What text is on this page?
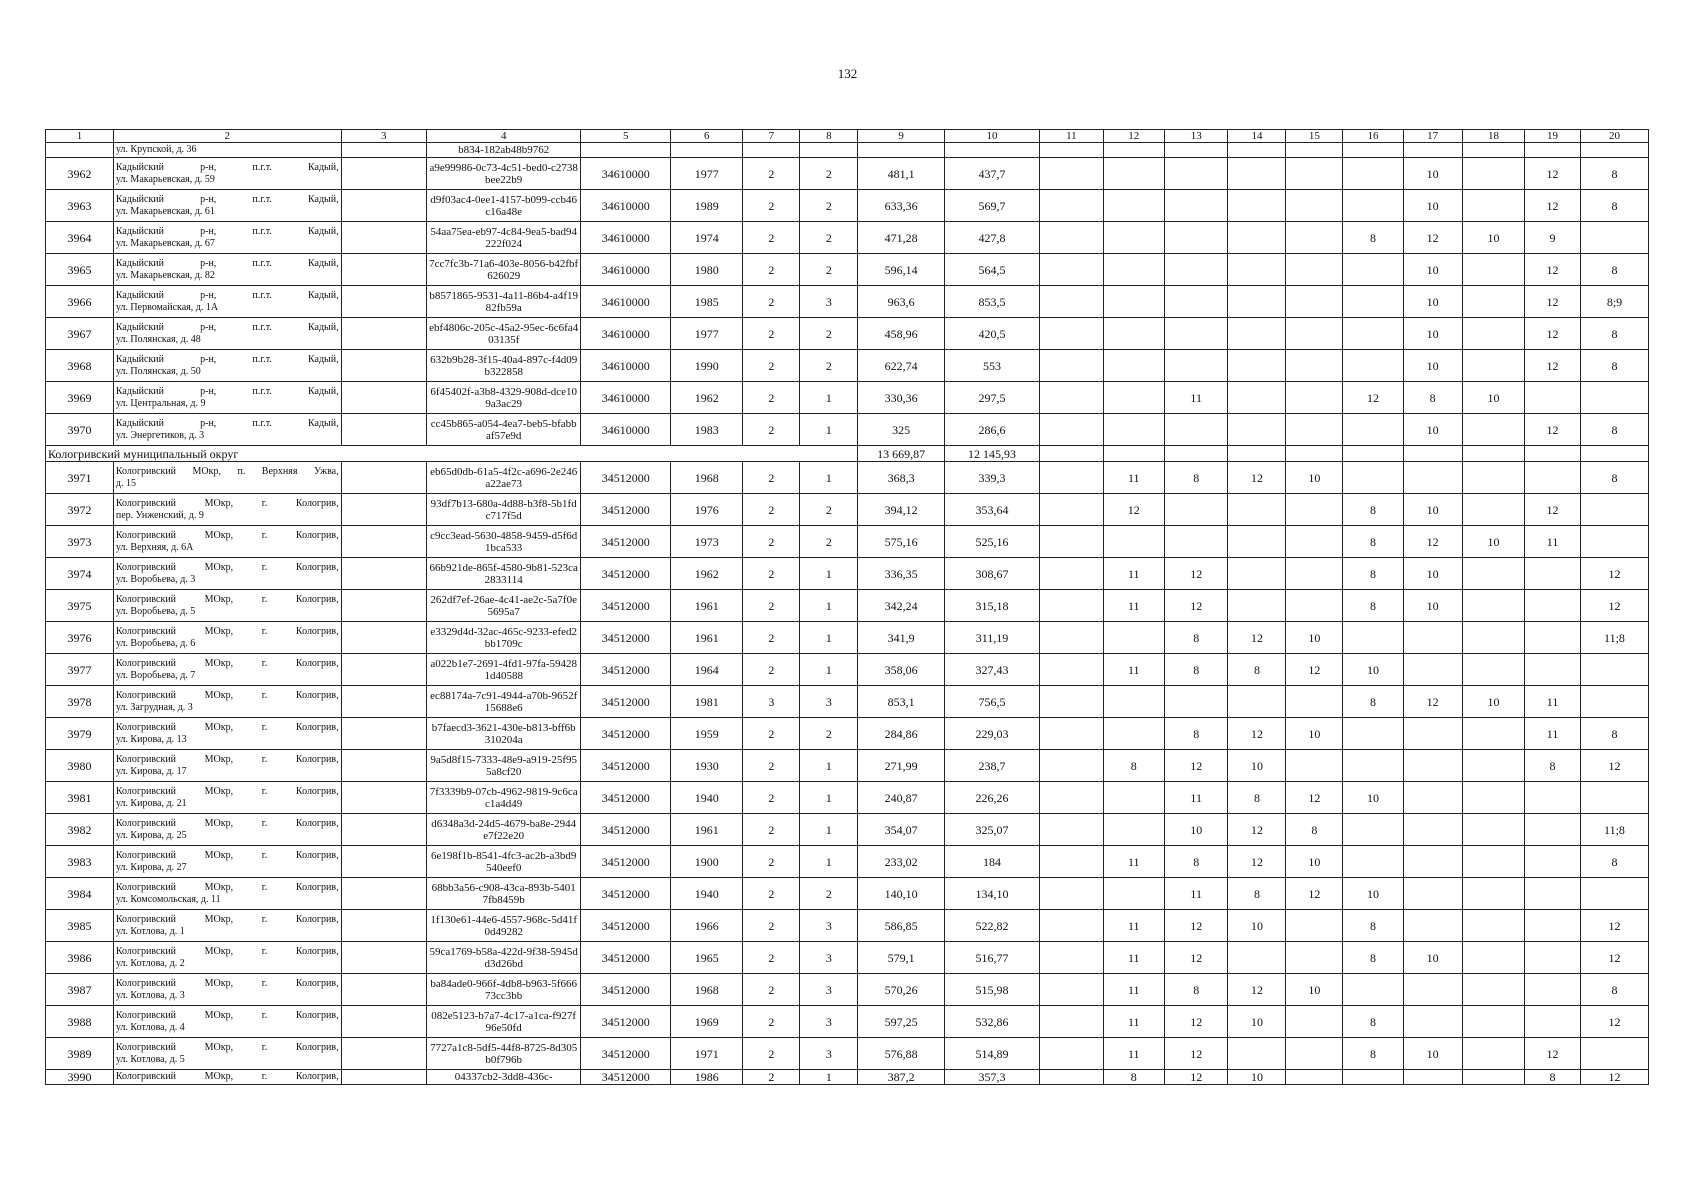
132
1	2	3	4	5	6	7	8	9	10	11	12	13	14	15	16	17	18	19	20
	ул. Крупской, д. 36		b834-182ab48b9762																
3962	Кадыйский р-н, п.г.т. Кадый,
ул. Макарьевская, д. 59		a9e99986-0c73-4c51-bed0-c2738bee22b9	34610000	1977	2	2	481,1	437,7							10		12	8
3963	Кадыйский р-н, п.г.т. Кадый,
ул. Макарьевская, д. 61		d9f03ac4-0ee1-4157-b099-ccb46c16a48e	34610000	1989	2	2	633,36	569,7							10		12	8
3964	Кадыйский р-н, п.г.т. Кадый,
ул. Макарьевская, д. 67		54aa75ea-eb97-4c84-9ea5-bad94222f024	34610000	1974	2	2	471,28	427,8						8	12	10	9	
3965	Кадыйский р-н, п.г.т. Кадый,
ул. Макарьевская, д. 82		7cc7fc3b-71a6-403e-8056-b42fbf626029	34610000	1980	2	2	596,14	564,5							10		12	8
3966	Кадыйский р-н, п.г.т. Кадый,
ул. Первомайская, д. 1А		b8571865-9531-4a11-86b4-a4f1982fb59a	34610000	1985	2	3	963,6	853,5							10		12	8;9
3967	Кадыйский р-н, п.г.т. Кадый,
ул. Полянская, д. 48		ebf4806c-205c-45a2-95ec-6c6fa403135f	34610000	1977	2	2	458,96	420,5							10		12	8
3968	Кадыйский р-н, п.г.т. Кадый,
ул. Полянская, д. 50		632b9b28-3f15-40a4-897c-f4d09b322858	34610000	1990	2	2	622,74	553							10		12	8
3969	Кадыйский р-н, п.г.т. Кадый,
ул. Центральная, д. 9		6f45402f-a3b8-4329-908d-dce109a3ac29	34610000	1962	2	1	330,36	297,5			11			12	8	10		
3970	Кадыйский р-н, п.г.т. Кадый,
ул. Энергетиков, д. 3		cc45b865-a054-4ea7-beb5-bfabbaf57e9d	34610000	1983	2	1	325	286,6							10		12	8
Кологривский муниципальный округ								13 669,87	12 145,93										
3971	Кологривский МОкр, п. Верхняя Ужва,
д. 15		eb65d0db-61a5-4f2c-a696-2e246a22ae73	34512000	1968	2	1	368,3	339,3		11	8	12	10					8
3972	Кологривский МОкр, г. Кологрив,
пер. Унженский, д. 9		93df7b13-680a-4d88-b3f8-5b1fdc717f5d	34512000	1976	2	2	394,12	353,64		12				8	10		12	
3973	Кологривский МОкр, г. Кологрив,
ул. Верхняя, д. 6А		c9cc3ead-5630-4858-9459-d5f6d1bca533	34512000	1973	2	2	575,16	525,16						8	12	10	11	
3974	Кологривский МОкр, г. Кологрив,
ул. Воробьева, д. 3		66b921de-865f-4580-9b81-523ca2833114	34512000	1962	2	1	336,35	308,67		11	12			8	10			12
3975	Кологривский МОкр, г. Кологрив,
ул. Воробьева, д. 5		262df7ef-26ae-4c41-ae2c-5a7f0e5695a7	34512000	1961	2	1	342,24	315,18		11	12			8	10			12
3976	Кологривский МОкр, г. Кологрив,
ул. Воробьева, д. 6		e3329d4d-32ac-465c-9233-efed2bb1709c	34512000	1961	2	1	341,9	311,19			8	12	10					11;8
3977	Кологривский МОкр, г. Кологрив,
ул. Воробьева, д. 7		a022b1e7-2691-4fd1-97fa-594281d40588	34512000	1964	2	1	358,06	327,43		11	8	8	12	10				
3978	Кологривский МОкр, г. Кологрив,
ул. Загрудная, д. 3		ec88174a-7c91-4944-a70b-9652f15688e6	34512000	1981	3	3	853,1	756,5						8	12	10	11	
3979	Кологривский МОкр, г. Кологрив,
ул. Кирова, д. 13		b7faecd3-3621-430e-b813-bff6b310204a	34512000	1959	2	2	284,86	229,03			8	12	10				11	8
3980	Кологривский МОкр, г. Кологрив,
ул. Кирова, д. 17		9a5d8f15-7333-48e9-a919-25f955a8cf20	34512000	1930	2	1	271,99	238,7		8	12	10					8	12
3981	Кологривский МОкр, г. Кологрив,
ул. Кирова, д. 21		7f3339b9-07cb-4962-9819-9c6cac1a4d49	34512000	1940	2	1	240,87	226,26			11	8	12	10				
3982	Кологривский МОкр, г. Кологрив,
ул. Кирова, д. 25		d6348a3d-24d5-4679-ba8e-2944e7f22e20	34512000	1961	2	1	354,07	325,07			10	12	8					11;8
3983	Кологривский МОкр, г. Кологрив,
ул. Кирова, д. 27		6e198f1b-8541-4fc3-ac2b-a3bd9540eef0	34512000	1900	2	1	233,02	184		11	8	12	10					8
3984	Кологривский МОкр, г. Кологрив,
ул. Комсомольская, д. 11		68bb3a56-c908-43ca-893b-54017fb8459b	34512000	1940	2	2	140,10	134,10			11	8	12	10				
3985	Кологривский МОкр, г. Кологрив,
ул. Котлова, д. 1		1f130e61-44e6-4557-968c-5d41f0d49282	34512000	1966	2	3	586,85	522,82		11	12	10		8				12
3986	Кологривский МОкр, г. Кологрив,
ул. Котлова, д. 2		59ca1769-b58a-422d-9f38-5945dd3d26bd	34512000	1965	2	3	579,1	516,77		11	12			8	10			12
3987	Кологривский МОкр, г. Кологрив,
ул. Котлова, д. 3		ba84ade0-966f-4db8-b963-5f66673cc3bb	34512000	1968	2	3	570,26	515,98		11	8	12	10					8
3988	Кологривский МОкр, г. Кологрив,
ул. Котлова, д. 4		082e5123-b7a7-4c17-a1ca-f927f96e50fd	34512000	1969	2	3	597,25	532,86		11	12	10		8				12
3989	Кологривский МОкр, г. Кологрив,
ул. Котлова, д. 5		7727a1c8-5df5-44f8-8725-8d305b0f796b	34512000	1971	2	3	576,88	514,89		11	12			8	10		12	
3990	Кологривский МОкр, г. Кологрив,		04337cb2-3dd8-436c-	34512000	1986	2	1	387,2	357,3		8	12	10					8	12
